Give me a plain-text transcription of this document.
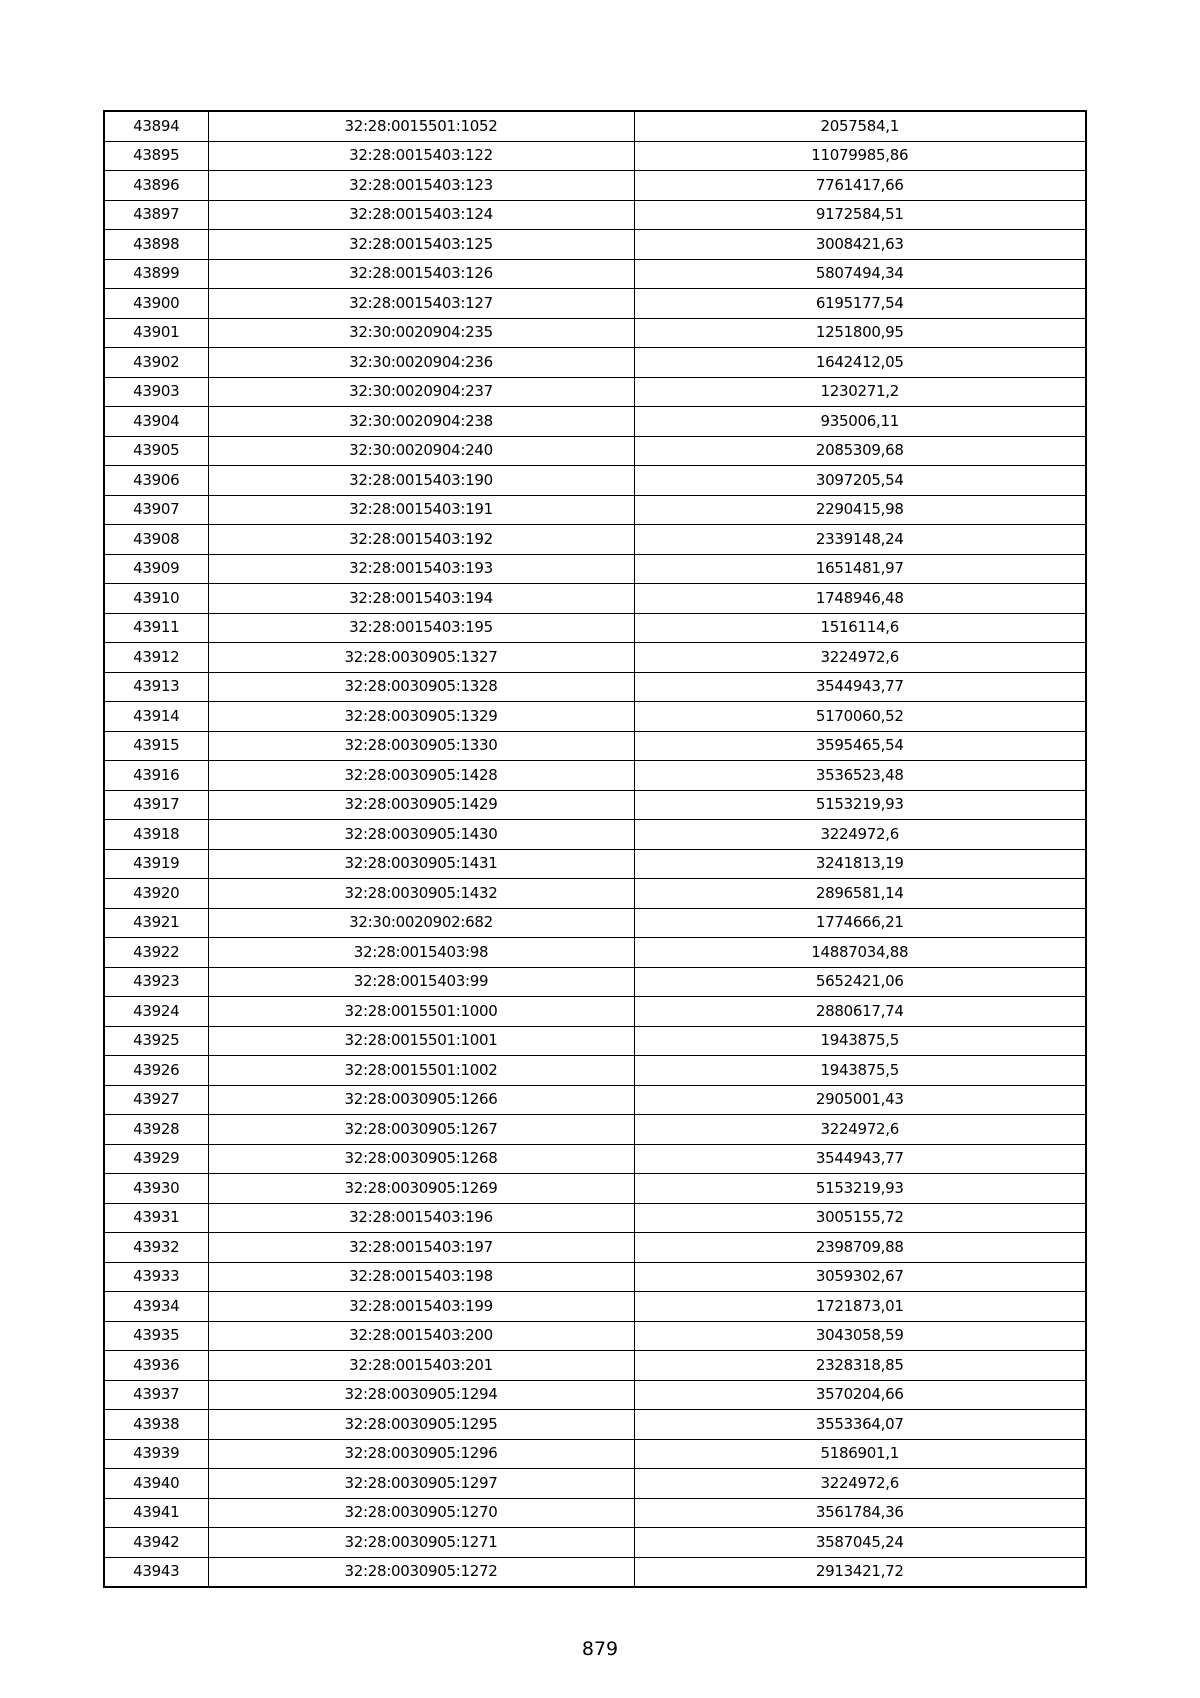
43894	32:28:0015501:1052	2057584,1
43895	32:28:0015403:122	11079985,86
43896	32:28:0015403:123	7761417,66
43897	32:28:0015403:124	9172584,51
43898	32:28:0015403:125	3008421,63
43899	32:28:0015403:126	5807494,34
43900	32:28:0015403:127	6195177,54
43901	32:30:0020904:235	1251800,95
43902	32:30:0020904:236	1642412,05
43903	32:30:0020904:237	1230271,2
43904	32:30:0020904:238	935006,11
43905	32:30:0020904:240	2085309,68
43906	32:28:0015403:190	3097205,54
43907	32:28:0015403:191	2290415,98
43908	32:28:0015403:192	2339148,24
43909	32:28:0015403:193	1651481,97
43910	32:28:0015403:194	1748946,48
43911	32:28:0015403:195	1516114,6
43912	32:28:0030905:1327	3224972,6
43913	32:28:0030905:1328	3544943,77
43914	32:28:0030905:1329	5170060,52
43915	32:28:0030905:1330	3595465,54
43916	32:28:0030905:1428	3536523,48
43917	32:28:0030905:1429	5153219,93
43918	32:28:0030905:1430	3224972,6
43919	32:28:0030905:1431	3241813,19
43920	32:28:0030905:1432	2896581,14
43921	32:30:0020902:682	1774666,21
43922	32:28:0015403:98	14887034,88
43923	32:28:0015403:99	5652421,06
43924	32:28:0015501:1000	2880617,74
43925	32:28:0015501:1001	1943875,5
43926	32:28:0015501:1002	1943875,5
43927	32:28:0030905:1266	2905001,43
43928	32:28:0030905:1267	3224972,6
43929	32:28:0030905:1268	3544943,77
43930	32:28:0030905:1269	5153219,93
43931	32:28:0015403:196	3005155,72
43932	32:28:0015403:197	2398709,88
43933	32:28:0015403:198	3059302,67
43934	32:28:0015403:199	1721873,01
43935	32:28:0015403:200	3043058,59
43936	32:28:0015403:201	2328318,85
43937	32:28:0030905:1294	3570204,66
43938	32:28:0030905:1295	3553364,07
43939	32:28:0030905:1296	5186901,1
43940	32:28:0030905:1297	3224972,6
43941	32:28:0030905:1270	3561784,36
43942	32:28:0030905:1271	3587045,24
43943	32:28:0030905:1272	2913421,72
879
